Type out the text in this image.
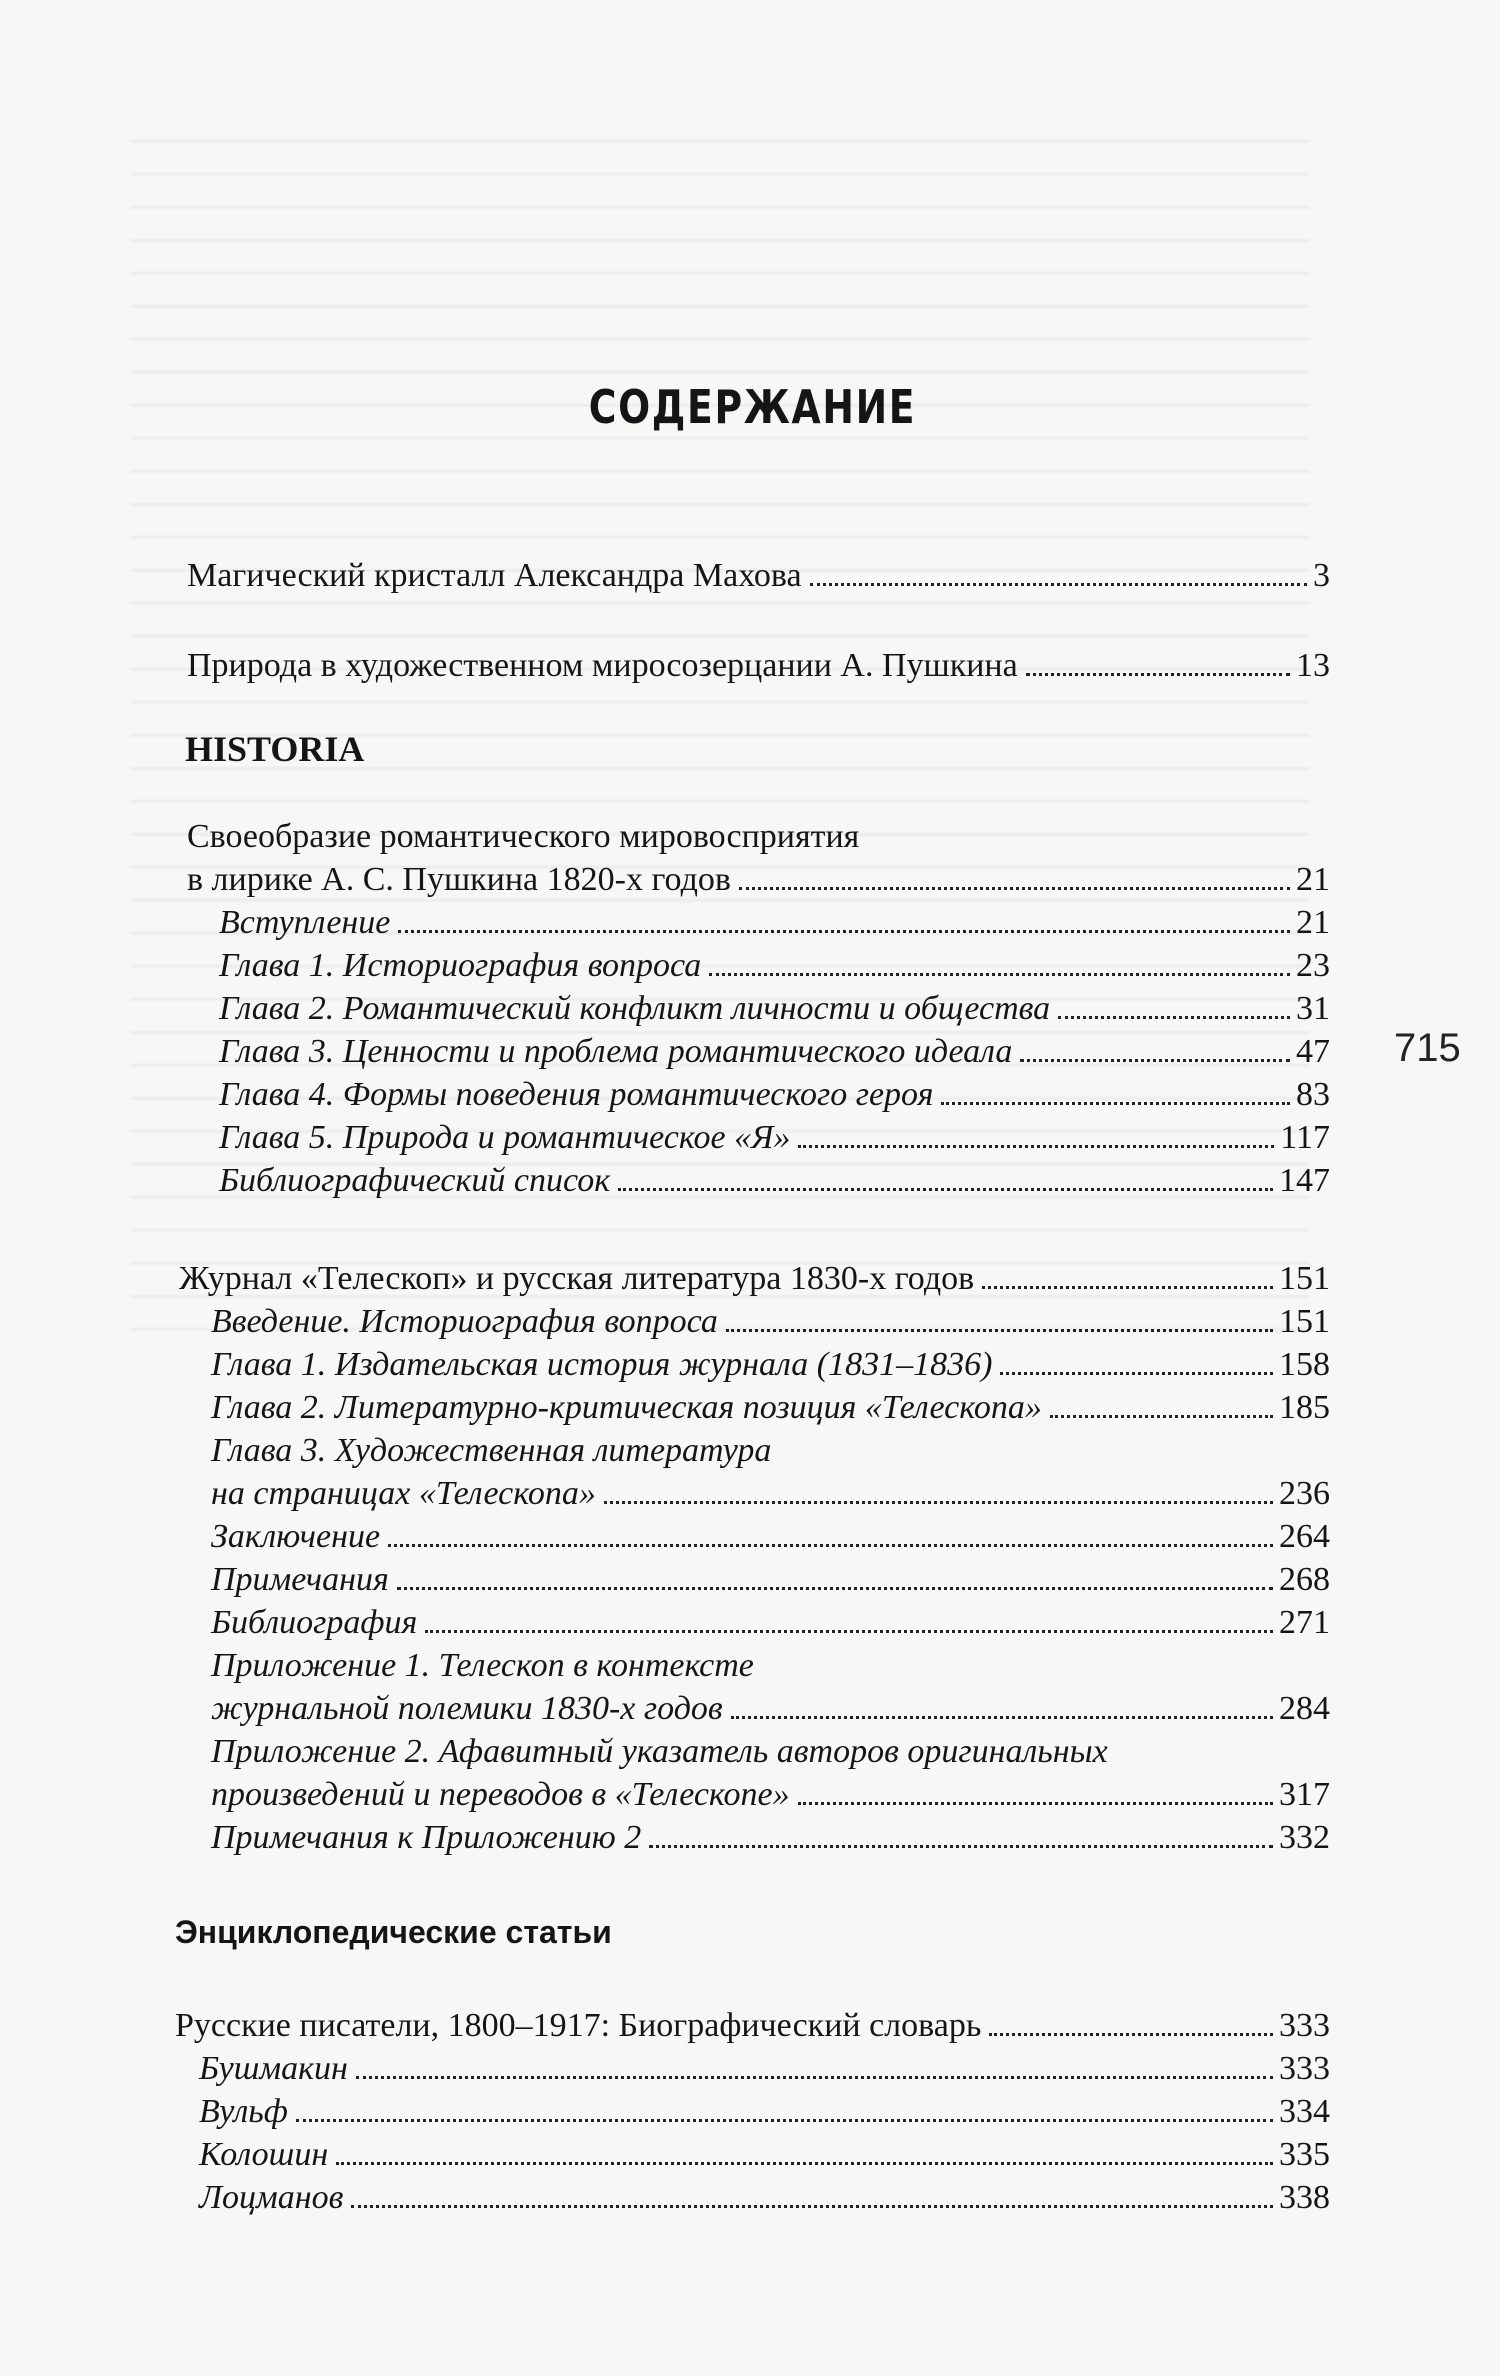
715
СОДЕРЖАНИЕ
Магический кристалл Александра Махова	3
Природа в художественном миросозерцании А. Пушкина	13
HISTORIA
Своеобразие романтического мировосприятия
в лирике А. С. Пушкина 1820-х годов	21
Вступление	21
Глава 1. Историография вопроса	23
Глава 2. Романтический конфликт личности и общества	31
Глава 3. Ценности и проблема романтического идеала	47
Глава 4. Формы поведения романтического героя	83
Глава 5. Природа и романтическое «Я»	117
Библиографический список	147
Журнал «Телескоп» и русская литература 1830-х годов	151
Введение. Историография вопроса	151
Глава 1. Издательская история журнала (1831–1836)	158
Глава 2. Литературно-критическая позиция «Телескопа»	185
Глава 3. Художественная литература
на страницах «Телескопа»	236
Заключение	264
Примечания	268
Библиография	271
Приложение 1. Телескоп в контексте
журнальной полемики 1830-х годов	284
Приложение 2. Афавитный указатель авторов оригинальных
произведений и переводов в «Телескопе»	317
Примечания к Приложению 2	332
Энциклопедические статьи
Русские писатели, 1800–1917: Биографический словарь	333
Бушмакин	333
Вульф	334
Колошин	335
Лоцманов	338
